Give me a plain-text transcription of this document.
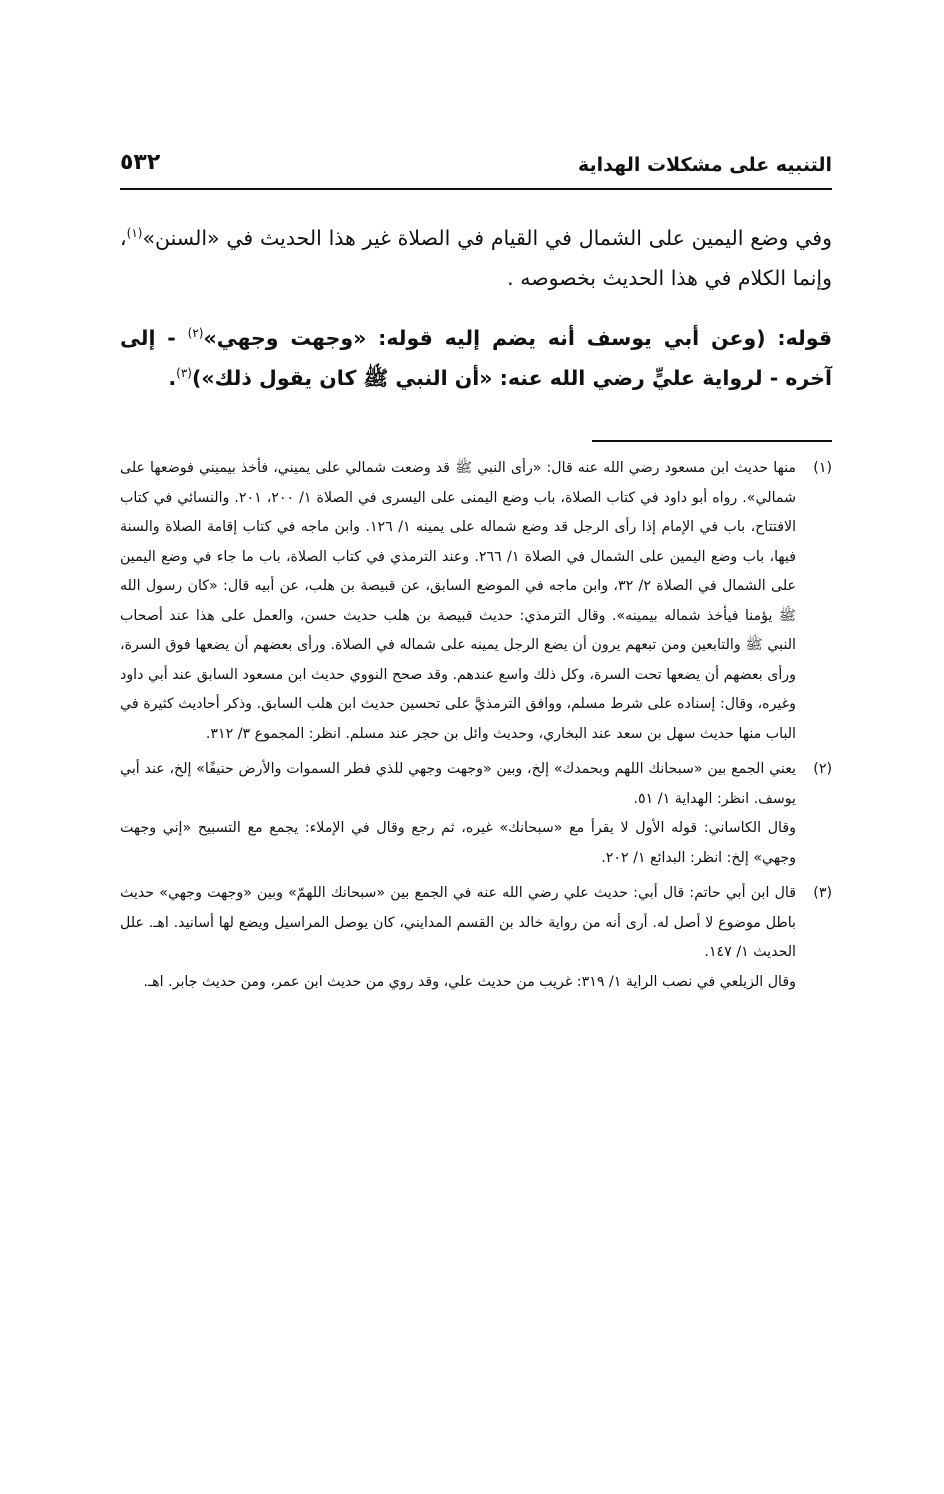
التنبيه على مشكلات الهداية
٥٣٢

وفي وضع اليمين على الشمال في القيام في الصلاة غير هذا الحديث في «السنن»$^{(١)}$، وإنما الكلام في هذا الحديث بخصوصه .

قوله: (وعن أبي يوسف أنه يضم إليه قوله: «وجهت وجهي»$^{(٢)}$ - إلى آخره - لرواية عليٍّ رضي الله عنه: «أن النبي ﷺ كان يقول ذلك»)$^{(٣)}$.

(١)

منها حديث ابن مسعود رضي الله عنه قال: «رأى النبي ﷺ قد وضعت شمالي على يميني، فأخذ بيميني فوضعها على شمالي». رواه أبو داود في كتاب الصلاة، باب وضع اليمنى على اليسرى في الصلاة ١/ ٢٠٠، ٢٠١. والنسائي في كتاب الافتتاح، باب في الإمام إذا رأى الرجل قد وضع شماله على يمينه ١/ ١٢٦. وابن ماجه في كتاب إقامة الصلاة والسنة فيها، باب وضع اليمين على الشمال في الصلاة ١/ ٢٦٦. وعند الترمذي في كتاب الصلاة، باب ما جاء في وضع اليمين على الشمال في الصلاة ٢/ ٣٢، وابن ماجه في الموضع السابق، عن قبيصة بن هلب، عن أبيه قال: «كان رسول الله ﷺ يؤمنا فيأخذ شماله بيمينه». وقال الترمذي: حديث قبيصة بن هلب حديث حسن، والعمل على هذا عند أصحاب النبي ﷺ والتابعين ومن تبعهم يرون أن يضع الرجل يمينه على شماله في الصلاة. ورأى بعضهم أن يضعها فوق السرة، ورأى بعضهم أن يضعها تحت السرة، وكل ذلك واسع عندهم. وقد صحح النووي حديث ابن مسعود السابق عند أبي داود وغيره، وقال: إسناده على شرط مسلم، ووافق الترمذيَّ على تحسين حديث ابن هلب السابق. وذكر أحاديث كثيرة في الباب منها حديث سهل بن سعد عند البخاري، وحديث وائل بن حجر عند مسلم. انظر: المجموع ٣/ ٣١٢.

(٢)

يعني الجمع بين «سبحانك اللهم وبحمدك» إلخ، وبين «وجهت وجهي للذي فطر السموات والأرض حنيفًا» إلخ، عند أبي يوسف. انظر: الهداية ١/ ٥١.

وقال الكاساني: قوله الأول لا يقرأ مع «سبحانك» غيره، ثم رجع وقال في الإملاء: يجمع مع التسبيح «إني وجهت وجهي» إلخ: انظر: البدائع ١/ ٢٠٢.

(٣)

قال ابن أبي حاتم: قال أبي: حديث علي رضي الله عنه في الجمع بين «سبحانك اللهمّ» وبين «وجهت وجهي» حديث باطل موضوع لا أصل له. أرى أنه من رواية خالد بن القسم المدايني، كان يوصل المراسيل ويضع لها أسانيد. اهـ. علل الحديث ١/ ١٤٧.

وقال الزيلعي في نصب الراية ١/ ٣١٩: غريب من حديث علي، وقد روي من حديث ابن عمر، ومن حديث جابر. اهـ.
